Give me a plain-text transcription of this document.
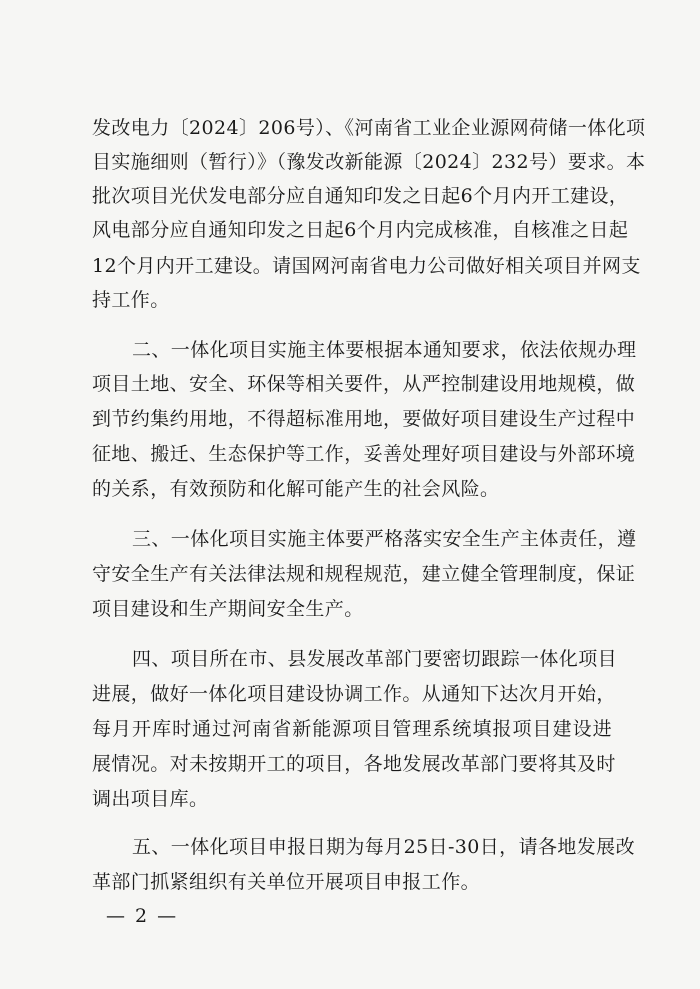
发改电力〔2024〕206号）、《河南省工业企业源网荷储一体化项
目实施细则（暂行）》（豫发改新能源〔2024〕232号）要求。本
批次项目光伏发电部分应自通知印发之日起6个月内开工建设，
风电部分应自通知印发之日起6个月内完成核准，自核准之日起
12个月内开工建设。请国网河南省电力公司做好相关项目并网支
持工作。
二、一体化项目实施主体要根据本通知要求，依法依规办理
项目土地、安全、环保等相关要件，从严控制建设用地规模，做
到节约集约用地，不得超标准用地，要做好项目建设生产过程中
征地、搬迁、生态保护等工作，妥善处理好项目建设与外部环境
的关系，有效预防和化解可能产生的社会风险。
三、一体化项目实施主体要严格落实安全生产主体责任，遵
守安全生产有关法律法规和规程规范，建立健全管理制度，保证
项目建设和生产期间安全生产。
四、项目所在市、县发展改革部门要密切跟踪一体化项目
进展，做好一体化项目建设协调工作。从通知下达次月开始，
每月开库时通过河南省新能源项目管理系统填报项目建设进
展情况。对未按期开工的项目，各地发展改革部门要将其及时
调出项目库。
五、一体化项目申报日期为每月25日-30日，请各地发展改
革部门抓紧组织有关单位开展项目申报工作。
— 2 —
